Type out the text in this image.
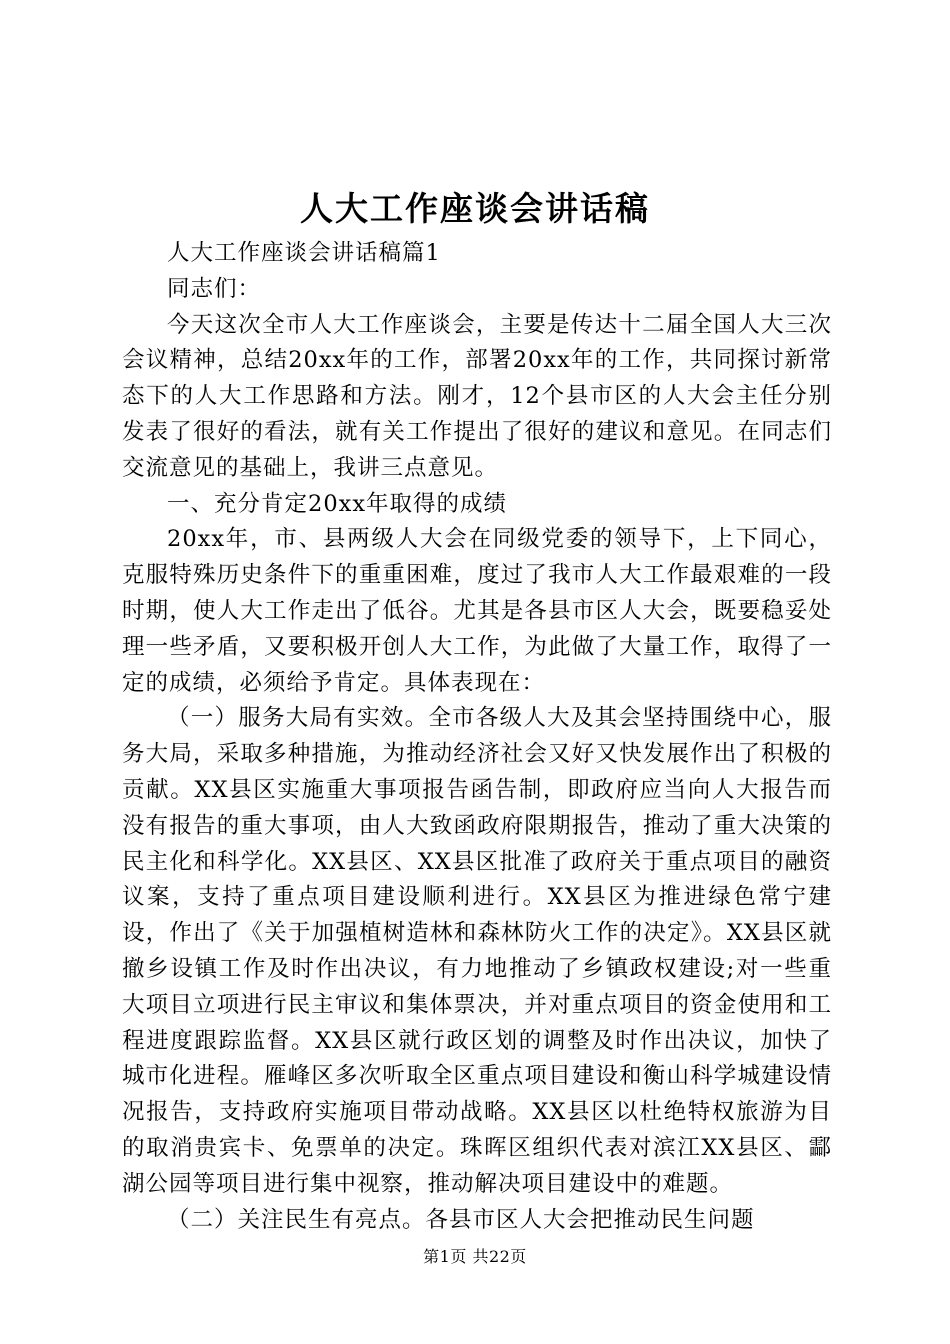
人大工作座谈会讲话稿

人大工作座谈会讲话稿篇1

同志们：

今天这次全市人大工作座谈会，主要是传达十二届全国人大三次会议精神，总结20xx年的工作，部署20xx年的工作，共同探讨新常态下的人大工作思路和方法。刚才，12个县市区的人大会主任分别发表了很好的看法，就有关工作提出了很好的建议和意见。在同志们交流意见的基础上，我讲三点意见。

一、充分肯定20xx年取得的成绩

20xx年，市、县两级人大会在同级党委的领导下，上下同心，克服特殊历史条件下的重重困难，度过了我市人大工作最艰难的一段时期，使人大工作走出了低谷。尤其是各县市区人大会，既要稳妥处理一些矛盾，又要积极开创人大工作，为此做了大量工作，取得了一定的成绩，必须给予肯定。具体表现在：

（一）服务大局有实效。全市各级人大及其会坚持围绕中心，服务大局，采取多种措施，为推动经济社会又好又快发展作出了积极的贡献。XX县区实施重大事项报告函告制，即政府应当向人大报告而没有报告的重大事项，由人大致函政府限期报告，推动了重大决策的民主化和科学化。XX县区、XX县区批准了政府关于重点项目的融资议案，支持了重点项目建设顺利进行。XX县区为推进绿色常宁建设，作出了《关于加强植树造林和森林防火工作的决定》。XX县区就撤乡设镇工作及时作出决议，有力地推动了乡镇政权建设;对一些重大项目立项进行民主审议和集体票决，并对重点项目的资金使用和工程进度跟踪监督。XX县区就行政区划的调整及时作出决议，加快了城市化进程。雁峰区多次听取全区重点项目建设和衡山科学城建设情况报告，支持政府实施项目带动战略。XX县区以杜绝特权旅游为目的取消贵宾卡、免票单的决定。珠晖区组织代表对滨江XX县区、酃湖公园等项目进行集中视察，推动解决项目建设中的难题。

（二）关注民生有亮点。各县市区人大会把推动民生问题

第1页 共22页
